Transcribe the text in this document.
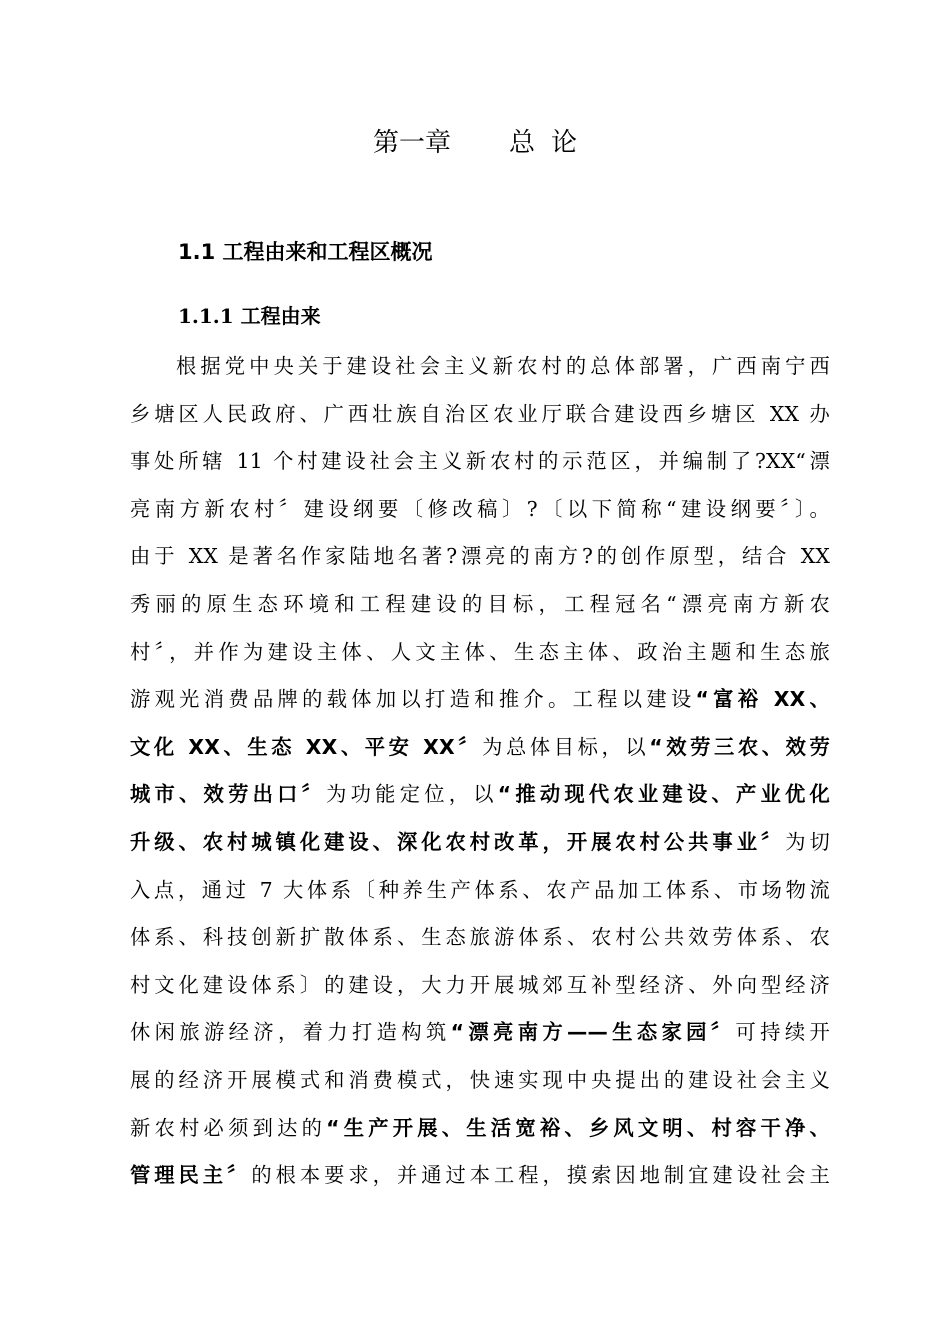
第一章 总 论
1.1 工程由来和工程区概况
1.1.1 工程由来
根据党中央关于建设社会主义新农村的总体部署，广西南宁西
乡塘区人民政府、广西壮族自治区农业厅联合建设西乡塘区 XX 办
事处所辖 11 个村建设社会主义新农村的示范区，并编制了?XX“漂
亮南方新农村〞建设纲要〔修改稿〕?〔以下简称“建设纲要〞〕。
由于 XX 是著名作家陆地名著?漂亮的南方?的创作原型，结合 XX
秀丽的原生态环境和工程建设的目标，工程冠名“漂亮南方新农
村〞，并作为建设主体、人文主体、生态主体、政治主题和生态旅
游观光消费品牌的载体加以打造和推介。工程以建设“富裕 XX、
文化 XX、生态 XX、平安 XX〞为总体目标，以“效劳三农、效劳
城市、效劳出口〞为功能定位，以“推动现代农业建设、产业优化
升级、农村城镇化建设、深化农村改革，开展农村公共事业〞为切
入点，通过 7 大体系〔种养生产体系、农产品加工体系、市场物流
体系、科技创新扩散体系、生态旅游体系、农村公共效劳体系、农
村文化建设体系〕的建设，大力开展城郊互补型经济、外向型经济
休闲旅游经济，着力打造构筑“漂亮南方——生态家园〞可持续开
展的经济开展模式和消费模式，快速实现中央提出的建设社会主义
新农村必须到达的“生产开展、生活宽裕、乡风文明、村容干净、
管理民主〞的根本要求，并通过本工程，摸索因地制宜建设社会主
